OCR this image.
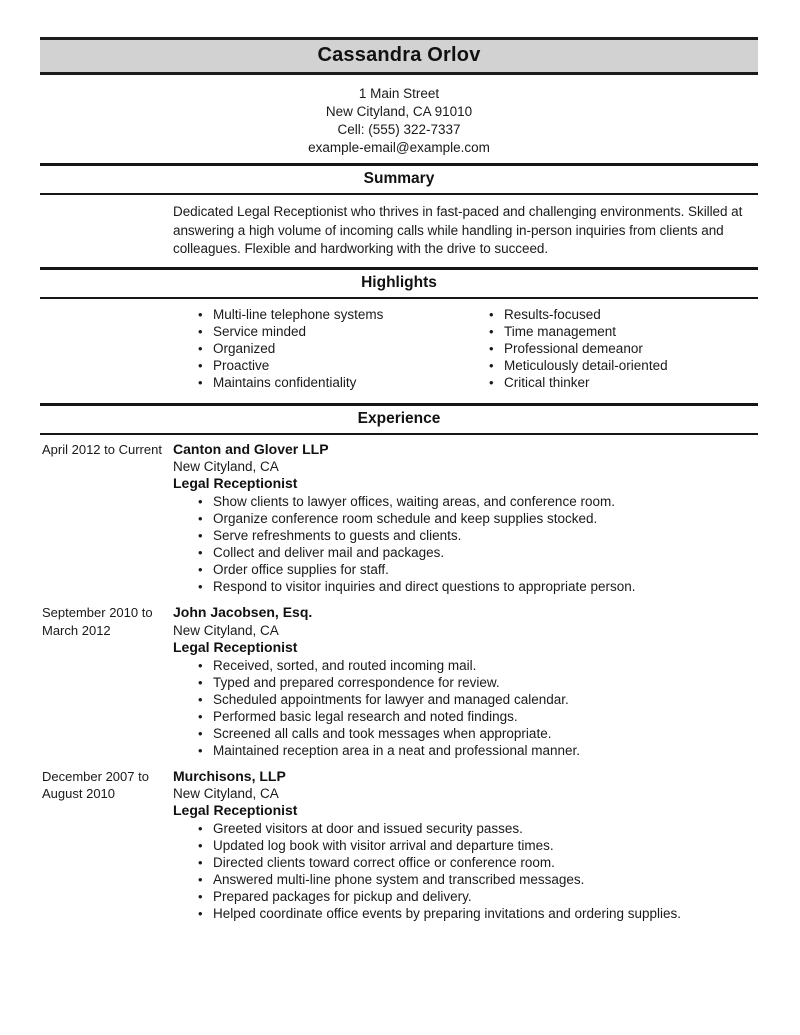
Cassandra Orlov
1 Main Street
New Cityland, CA 91010
Cell: (555) 322-7337
example-email@example.com
Summary

Dedicated Legal Receptionist who thrives in fast-paced and challenging environments. Skilled at answering a high volume of incoming calls while handling in-person inquiries from clients and colleagues. Flexible and hardworking with the drive to succeed.

Highlights
• Multi-line telephone systems
• Service minded
• Organized
• Proactive
• Maintains confidentiality
• Results-focused
• Time management
• Professional demeanor
• Meticulously detail-oriented
• Critical thinker
Experience
April 2012 to Current Canton and Glover LLP
New Cityland, CA
Legal Receptionist
• Show clients to lawyer offices, waiting areas, and conference room.
• Organize conference room schedule and keep supplies stocked.
• Serve refreshments to guests and clients.
• Collect and deliver mail and packages.
• Order office supplies for staff.
• Respond to visitor inquiries and direct questions to appropriate person.
September 2010 to March 2012
John Jacobsen, Esq.
New Cityland, CA
Legal Receptionist
• Received, sorted, and routed incoming mail.
• Typed and prepared correspondence for review.
• Scheduled appointments for lawyer and managed calendar.
• Performed basic legal research and noted findings.
• Screened all calls and took messages when appropriate.
• Maintained reception area in a neat and professional manner.
December 2007 to August 2010
Murchisons, LLP
New Cityland, CA
Legal Receptionist
• Greeted visitors at door and issued security passes.
• Updated log book with visitor arrival and departure times.
• Directed clients toward correct office or conference room.
• Answered multi-line phone system and transcribed messages.
• Prepared packages for pickup and delivery.
• Helped coordinate office events by preparing invitations and ordering supplies.
